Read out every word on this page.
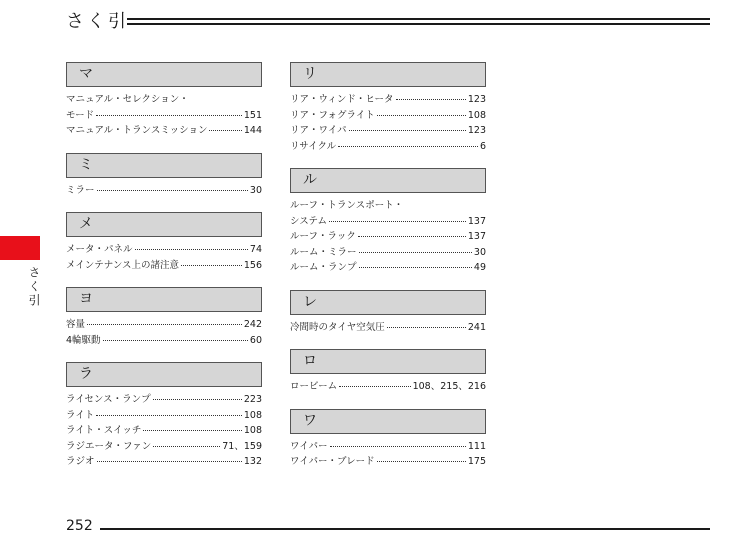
さく引
さく引
マ
マニュアル・セレクション・
モード	151
マニュアル・トランスミッション	144
ミ
ミラー	30
メ
メータ・パネル	74
メインテナンス上の諸注意	156
ヨ
容量	242
4輪駆動	60
ラ
ライセンス・ランプ	223
ライト	108
ライト・スイッチ	108
ラジエータ・ファン	71、159
ラジオ	132
リ
リア・ウィンド・ヒータ	123
リア・フォグライト	108
リア・ワイパ	123
リサイクル	6
ル
ルーフ・トランスポート・
システム	137
ルーフ・ラック	137
ルーム・ミラー	30
ルーム・ランプ	49
レ
冷間時のタイヤ空気圧	241
ロ
ロービーム	108、215、216
ワ
ワイパー	111
ワイパー・ブレード	175
252
